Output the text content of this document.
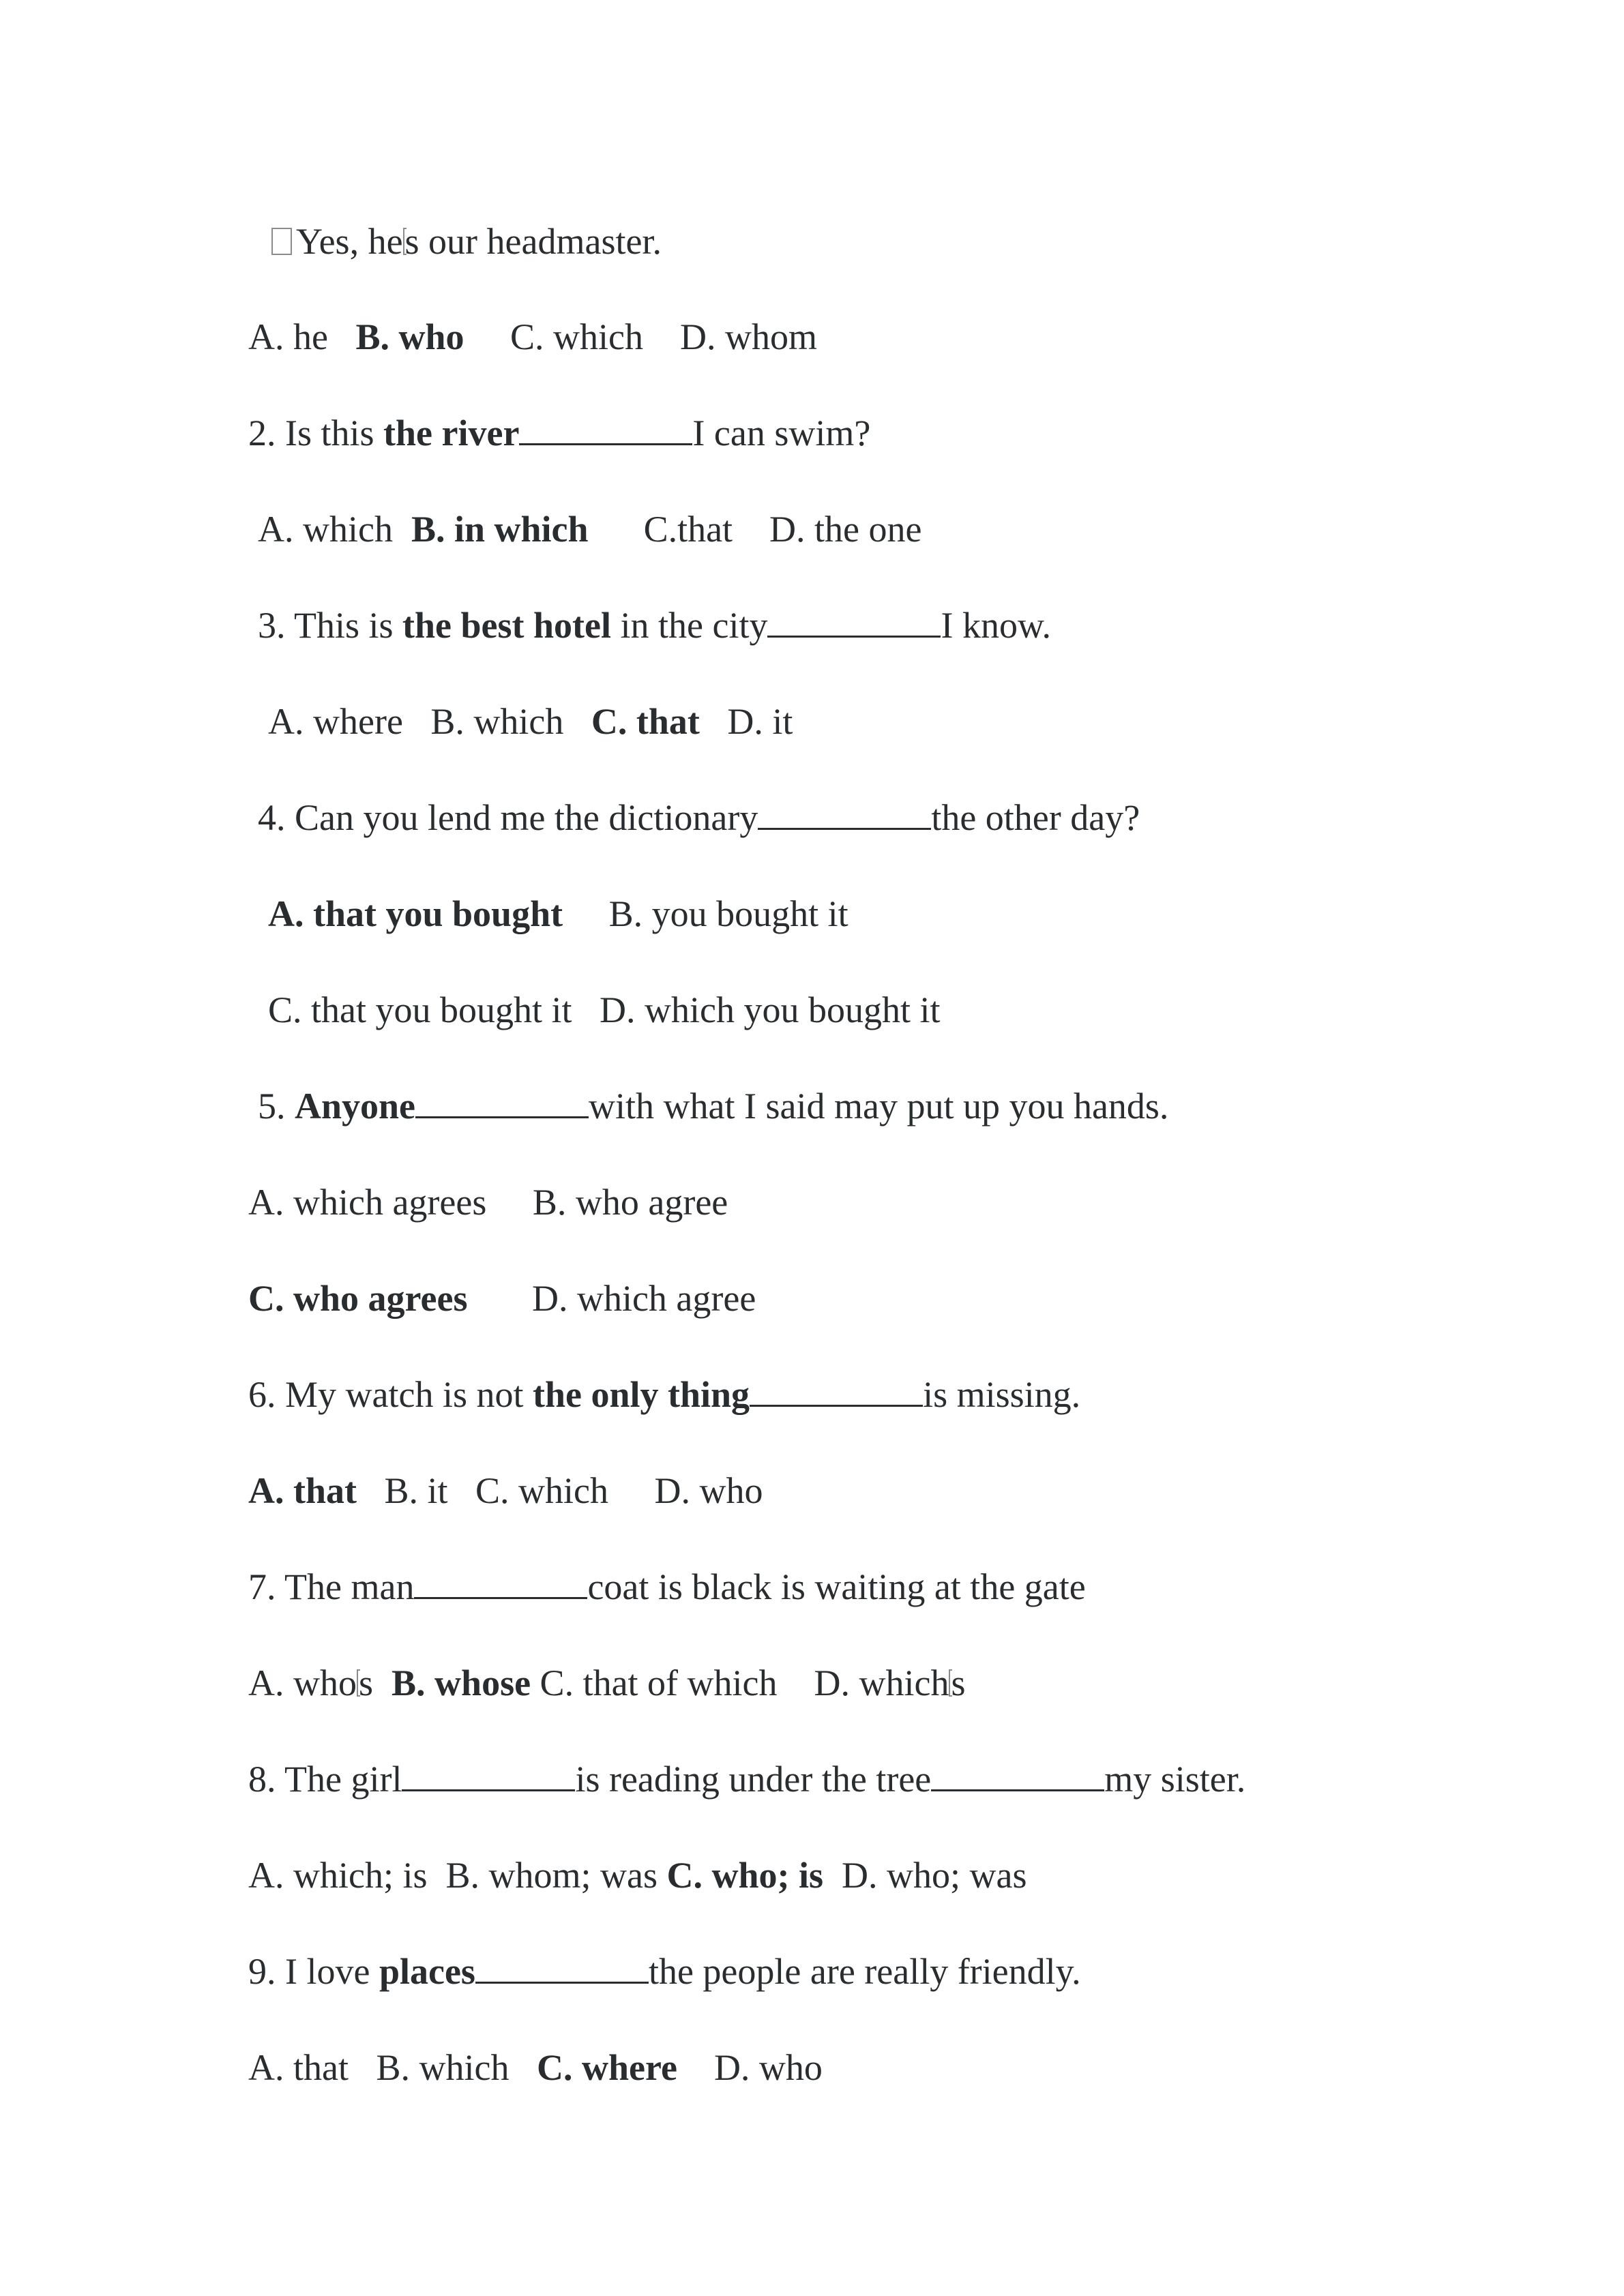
Yes, hes our headmaster.
A. he   B. who     C. which    D. whom
2. Is this the river	I can swim?
A. which  B. in which      C.that    D. the one
3. This is the best hotel in the city	I know.
A. where   B. which   C. that   D. it
4. Can you lend me the dictionary	the other day?
A. that you bought     B. you bought it
C. that you bought it   D. which you bought it
5. Anyone	with what I said may put up you hands.
A. which agrees     B. who agree
C. who agrees       D. which agree
6. My watch is not the only thing	is missing.
A. that   B. it   C. which     D. who
7. The man	coat is black is waiting at the gate
A. whos  B. whose C. that of which    D. whichs
8. The girl	is reading under the tree	my sister.
A. which; is  B. whom; was C. who; is  D. who; was
9. I love places	the people are really friendly.
A. that   B. which   C. where    D. who
